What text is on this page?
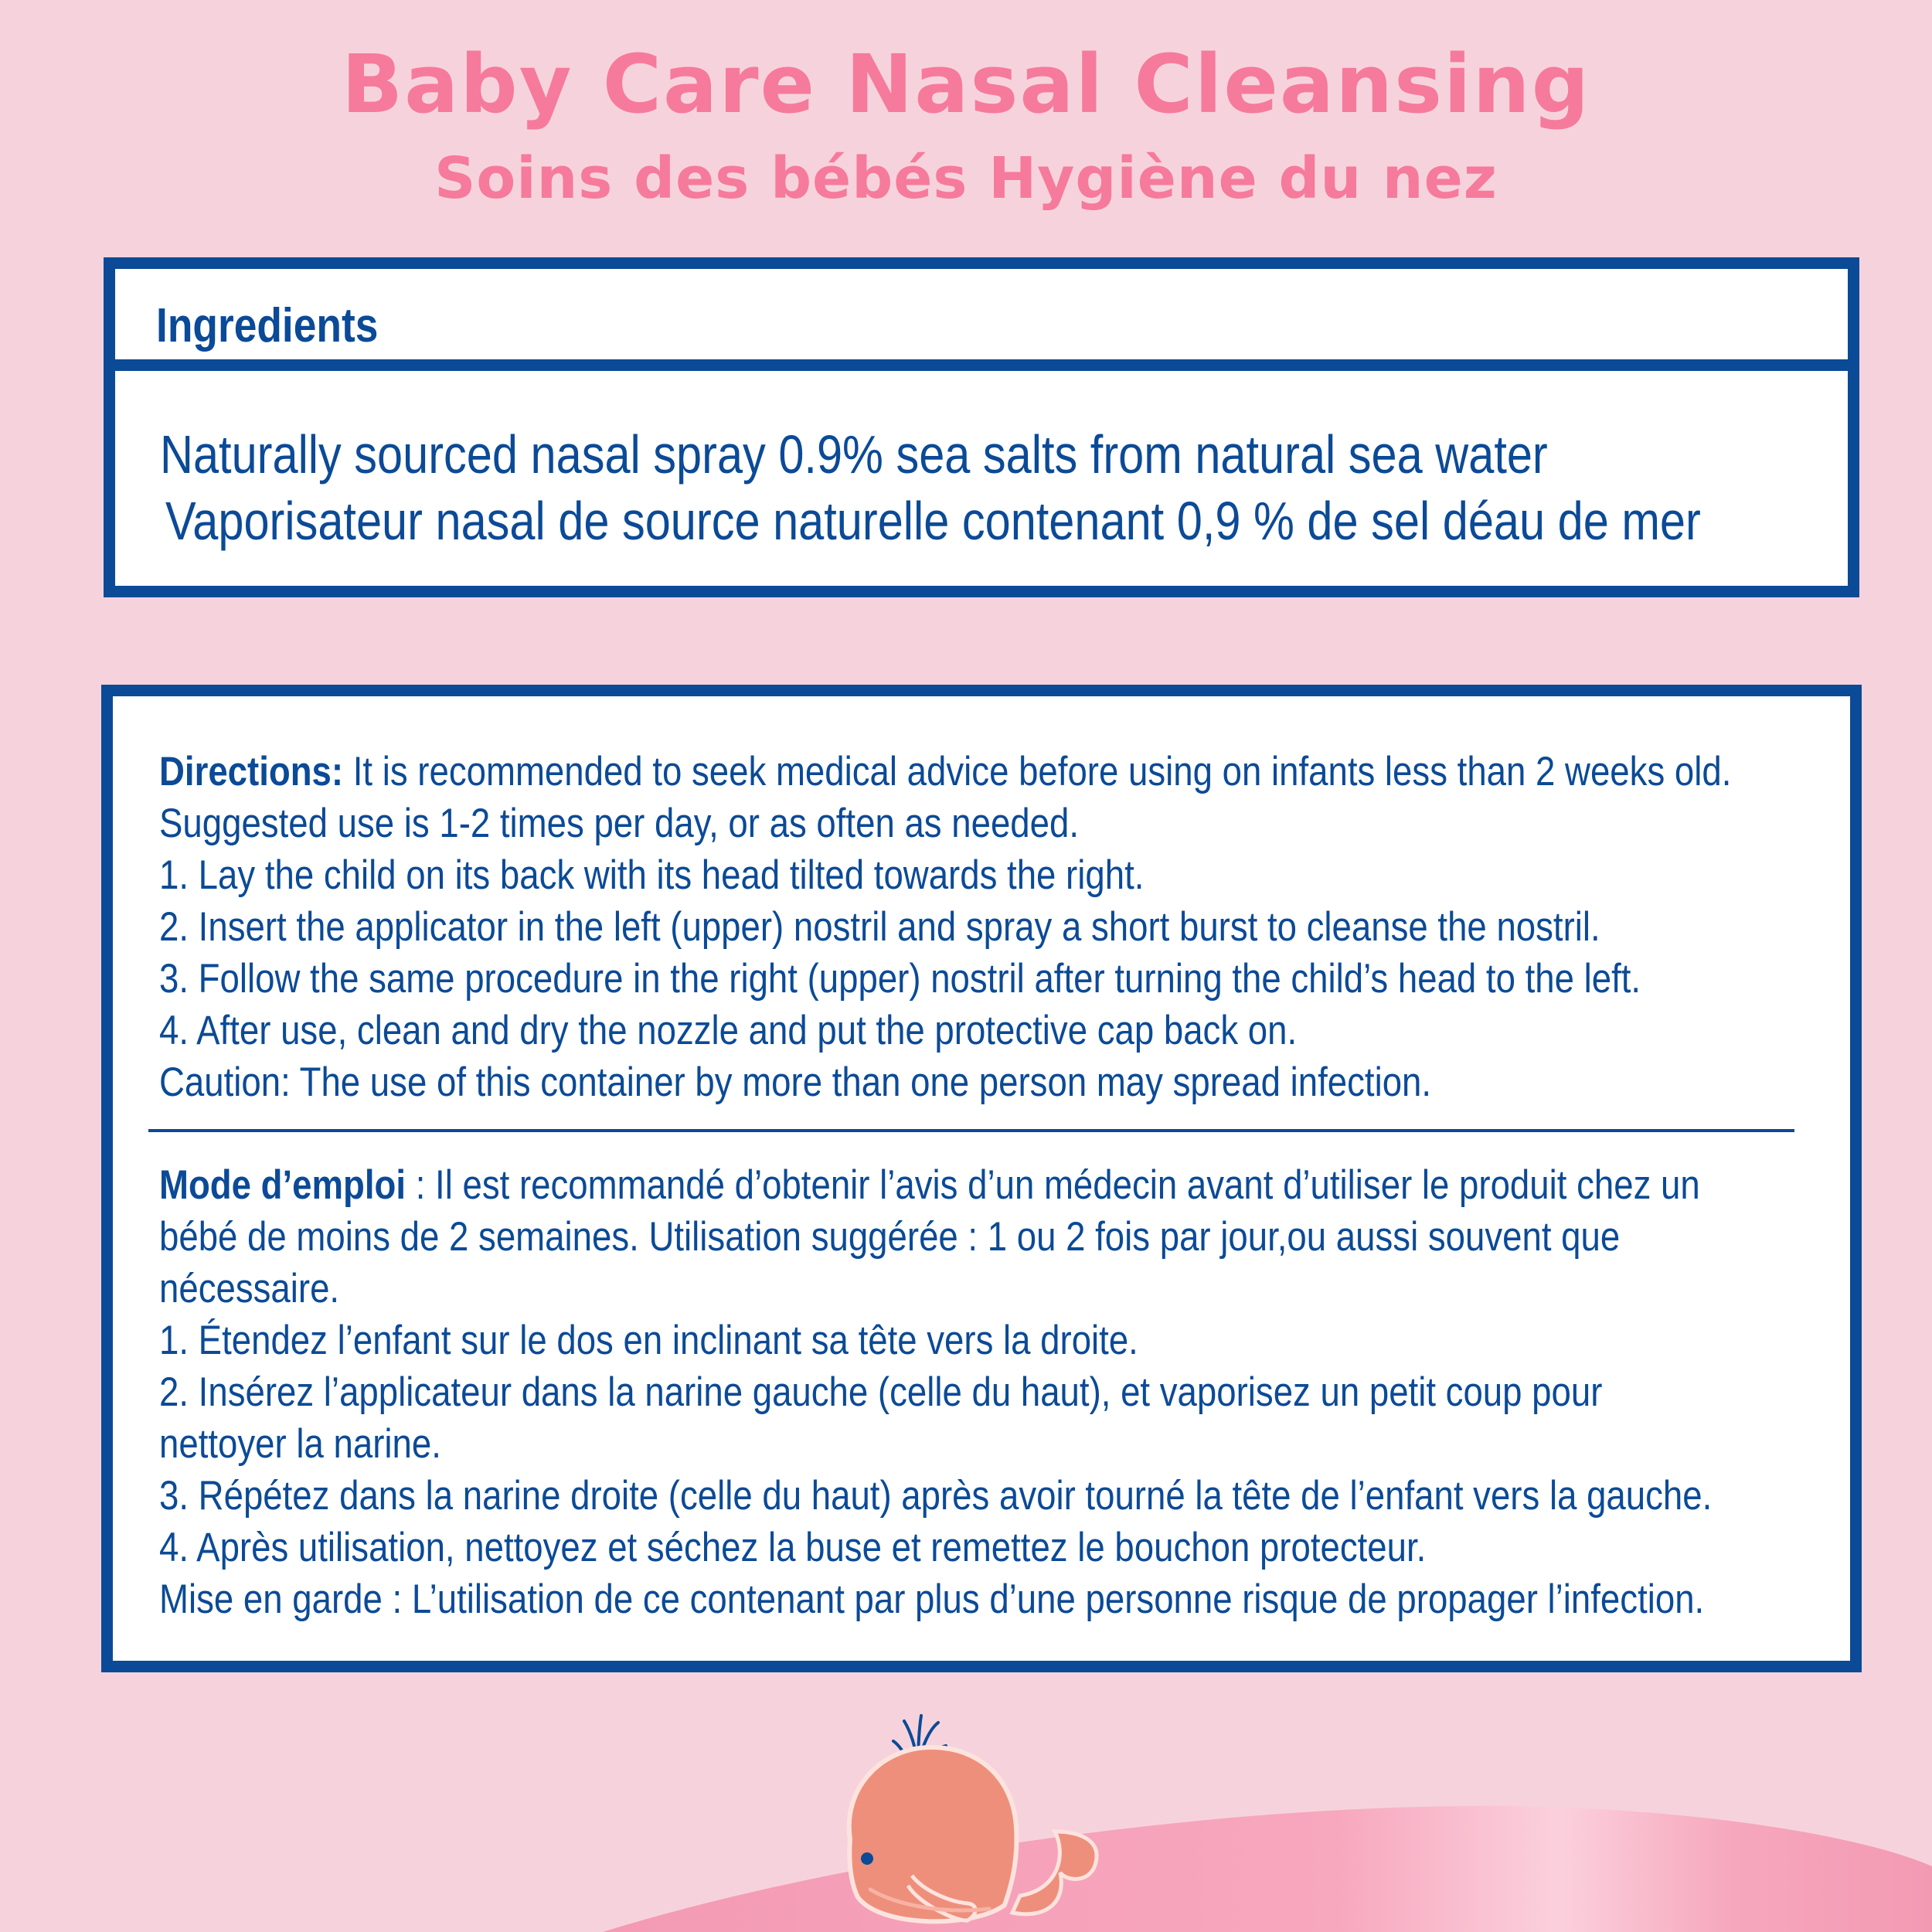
Baby Care Nasal Cleansing
Soins des bébés Hygiène du nez
Ingredients

Naturally sourced nasal spray 0.9% sea salts from natural sea water

Vaporisateur nasal de source naturelle contenant 0,9 % de sel déau de mer

Directions: It is recommended to seek medical advice before using on infants less than 2 weeks old.

Suggested use is 1-2 times per day, or as often as needed.

1. Lay the child on its back with its head tilted towards the right.

2. Insert the applicator in the left (upper) nostril and spray a short burst to cleanse the nostril.

3. Follow the same procedure in the right (upper) nostril after turning the child’s head to the left.

4. After use, clean and dry the nozzle and put the protective cap back on.

Caution: The use of this container by more than one person may spread infection.

Mode d’emploi : Il est recommandé d’obtenir l’avis d’un médecin avant d’utiliser le produit chez un

bébé de moins de 2 semaines. Utilisation suggérée : 1 ou 2 fois par jour,ou aussi souvent que

nécessaire.

1. Étendez l’enfant sur le dos en inclinant sa tête vers la droite.

2. Insérez l’applicateur dans la narine gauche (celle du haut), et vaporisez un petit coup pour

nettoyer la narine.

3. Répétez dans la narine droite (celle du haut) après avoir tourné la tête de l’enfant vers la gauche.

4. Après utilisation, nettoyez et séchez la buse et remettez le bouchon protecteur.

Mise en garde : L’utilisation de ce contenant par plus d’une personne risque de propager l’infection.
